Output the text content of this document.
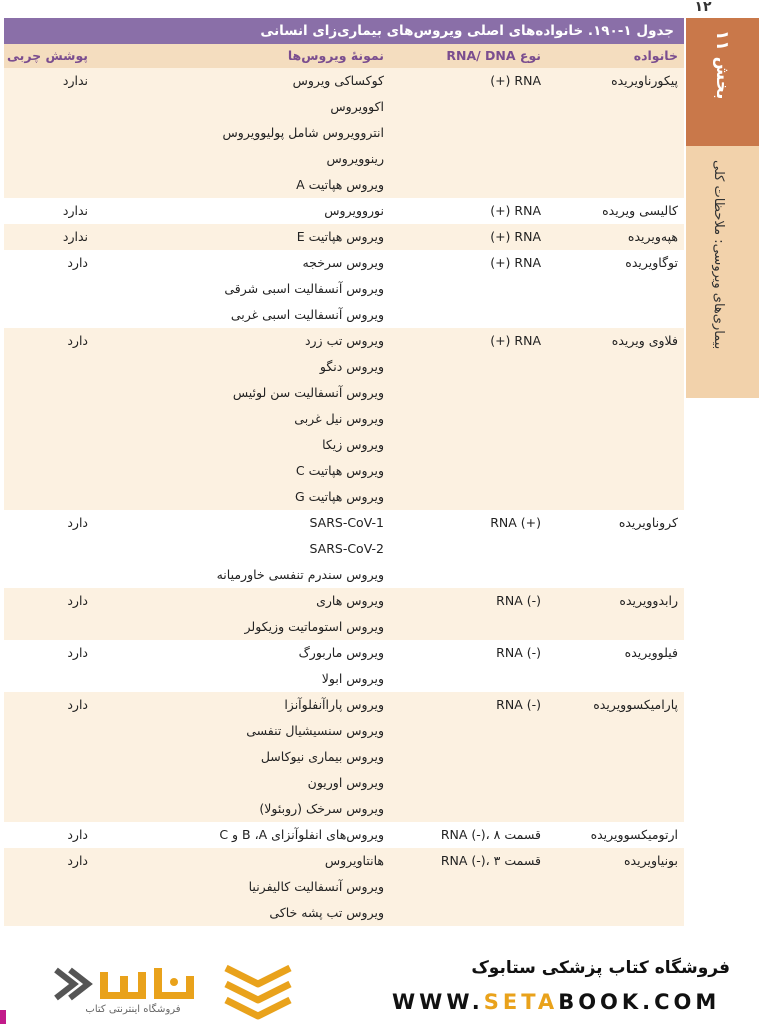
۱۲
بخش ۱۱
بیماری‌های ویروسی: ملاحظات کلی
جدول ۱-۱۹۰. خانواده‌های اصلی ویروس‌های بیماری‌زای انسانی
خانواده
نوع RNA/ DNA
نمونهٔ ویروس‌ها
پوشش چربی
پیکورناویریده
(+) RNA
کوکساکی ویروس
اکوویروس
انتروویروس شامل پولیوویروس
رینوویروس
ویروس هپاتیت A
ندارد
کالیسی ویریده
(+) RNA
نوروویروس
ندارد
هپه‌ویریده
(+) RNA
ویروس هپاتیت E
ندارد
توگاویریده
(+) RNA
ویروس سرخجه
ویروس آنسفالیت اسبی شرقی
ویروس آنسفالیت اسبی غربی
دارد
فلاوی ویریده
(+) RNA
ویروس تب زرد
ویروس دنگو
ویروس آنسفالیت سن لوئیس
ویروس نیل غربی
ویروس زیکا
ویروس هپاتیت C
ویروس هپاتیت G
دارد
کروناویریده
RNA (+)
SARS-CoV-1
SARS-CoV-2
ویروس سندرم تنفسی خاورمیانه
دارد
رابدوویریده
RNA (-)
ویروس هاری
ویروس استوماتیت وزیکولر
دارد
فیلوویریده
RNA (-)
ویروس ماربورگ
ویروس ابولا
دارد
پارامیکسوویریده
RNA (-)
ویروس پاراآنفلوآنزا
ویروس سنسیشیال تنفسی
ویروس بیماری نیوکاسل
ویروس اوریون
ویروس سرخک (روبئولا)
دارد
ارتومیکسوویریده
RNA (-)، ۸ قسمت
ویروس‌های انفلوآنزای B ،A و C
دارد
بونیاویریده
RNA (-)، ۳ قسمت
هانتاویروس
ویروس آنسفالیت کالیفرنیا
ویروس تب پشه خاکی
دارد
فروشگاه کتاب پزشکی ستابوک
WWW.SETABOOK.COM
فروشگاه اینترنتی کتاب
